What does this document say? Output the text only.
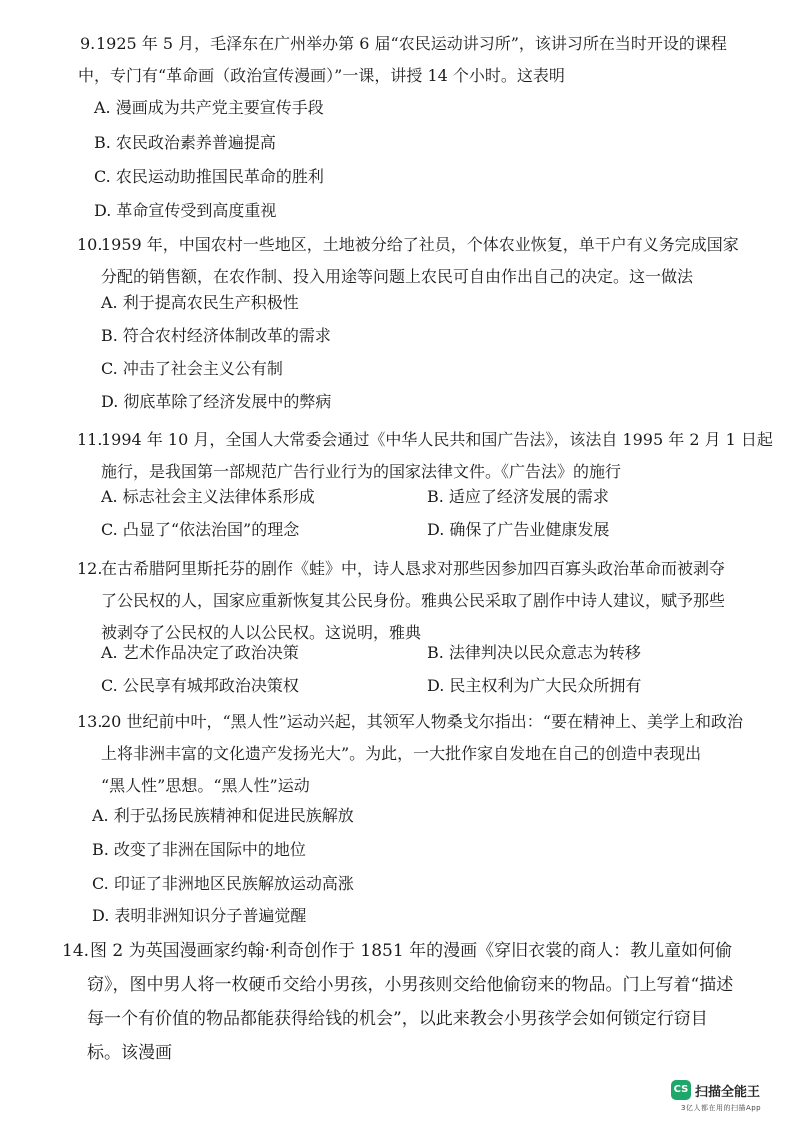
9. 1925 年 5 月，毛泽东在广州举办第 6 届“农民运动讲习所”，该讲习所在当时开设的课程
中，专门有“革命画（政治宣传漫画）”一课，讲授 14 个小时。这表明
A. 漫画成为共产党主要宣传手段
B. 农民政治素养普遍提高
C. 农民运动助推国民革命的胜利
D. 革命宣传受到高度重视
10.
1959 年，中国农村一些地区，土地被分给了社员，个体农业恢复，单干户有义务完成国家
分配的销售额，在农作制、投入用途等问题上农民可自由作出自己的决定。这一做法
A. 利于提高农民生产积极性
B. 符合农村经济体制改革的需求
C. 冲击了社会主义公有制
D. 彻底革除了经济发展中的弊病
11.
1994 年 10 月，全国人大常委会通过《中华人民共和国广告法》，该法自 1995 年 2 月 1 日起
施行，是我国第一部规范广告行业行为的国家法律文件。《广告法》的施行
A. 标志社会主义法律体系形成	B. 适应了经济发展的需求
C. 凸显了“依法治国”的理念	D. 确保了广告业健康发展
12.
在古希腊阿里斯托芬的剧作《蛙》中，诗人恳求对那些因参加四百寡头政治革命而被剥夺
了公民权的人，国家应重新恢复其公民身份。雅典公民采取了剧作中诗人建议，赋予那些
被剥夺了公民权的人以公民权。这说明，雅典
A. 艺术作品决定了政治决策	B. 法律判决以民众意志为转移
C. 公民享有城邦政治决策权	D. 民主权利为广大民众所拥有
13.
20 世纪前中叶，“黑人性”运动兴起，其领军人物桑戈尔指出：“要在精神上、美学上和政治
上将非洲丰富的文化遗产发扬光大”。为此，一大批作家自发地在自己的创造中表现出
“黑人性”思想。“黑人性”运动
A. 利于弘扬民族精神和促进民族解放
B. 改变了非洲在国际中的地位
C. 印证了非洲地区民族解放运动高涨
D. 表明非洲知识分子普遍觉醒
14. 图 2 为英国漫画家约翰·利奇创作于 1851 年的漫画《穿旧衣裳的商人：教儿童如何偷
窃》，图中男人将一枚硬币交给小男孩，小男孩则交给他偷窃来的物品。门上写着“描述
每一个有价值的物品都能获得给钱的机会”，以此来教会小男孩学会如何锁定行窃目
标。该漫画
CS 扫描全能王
3亿人都在用的扫描App
